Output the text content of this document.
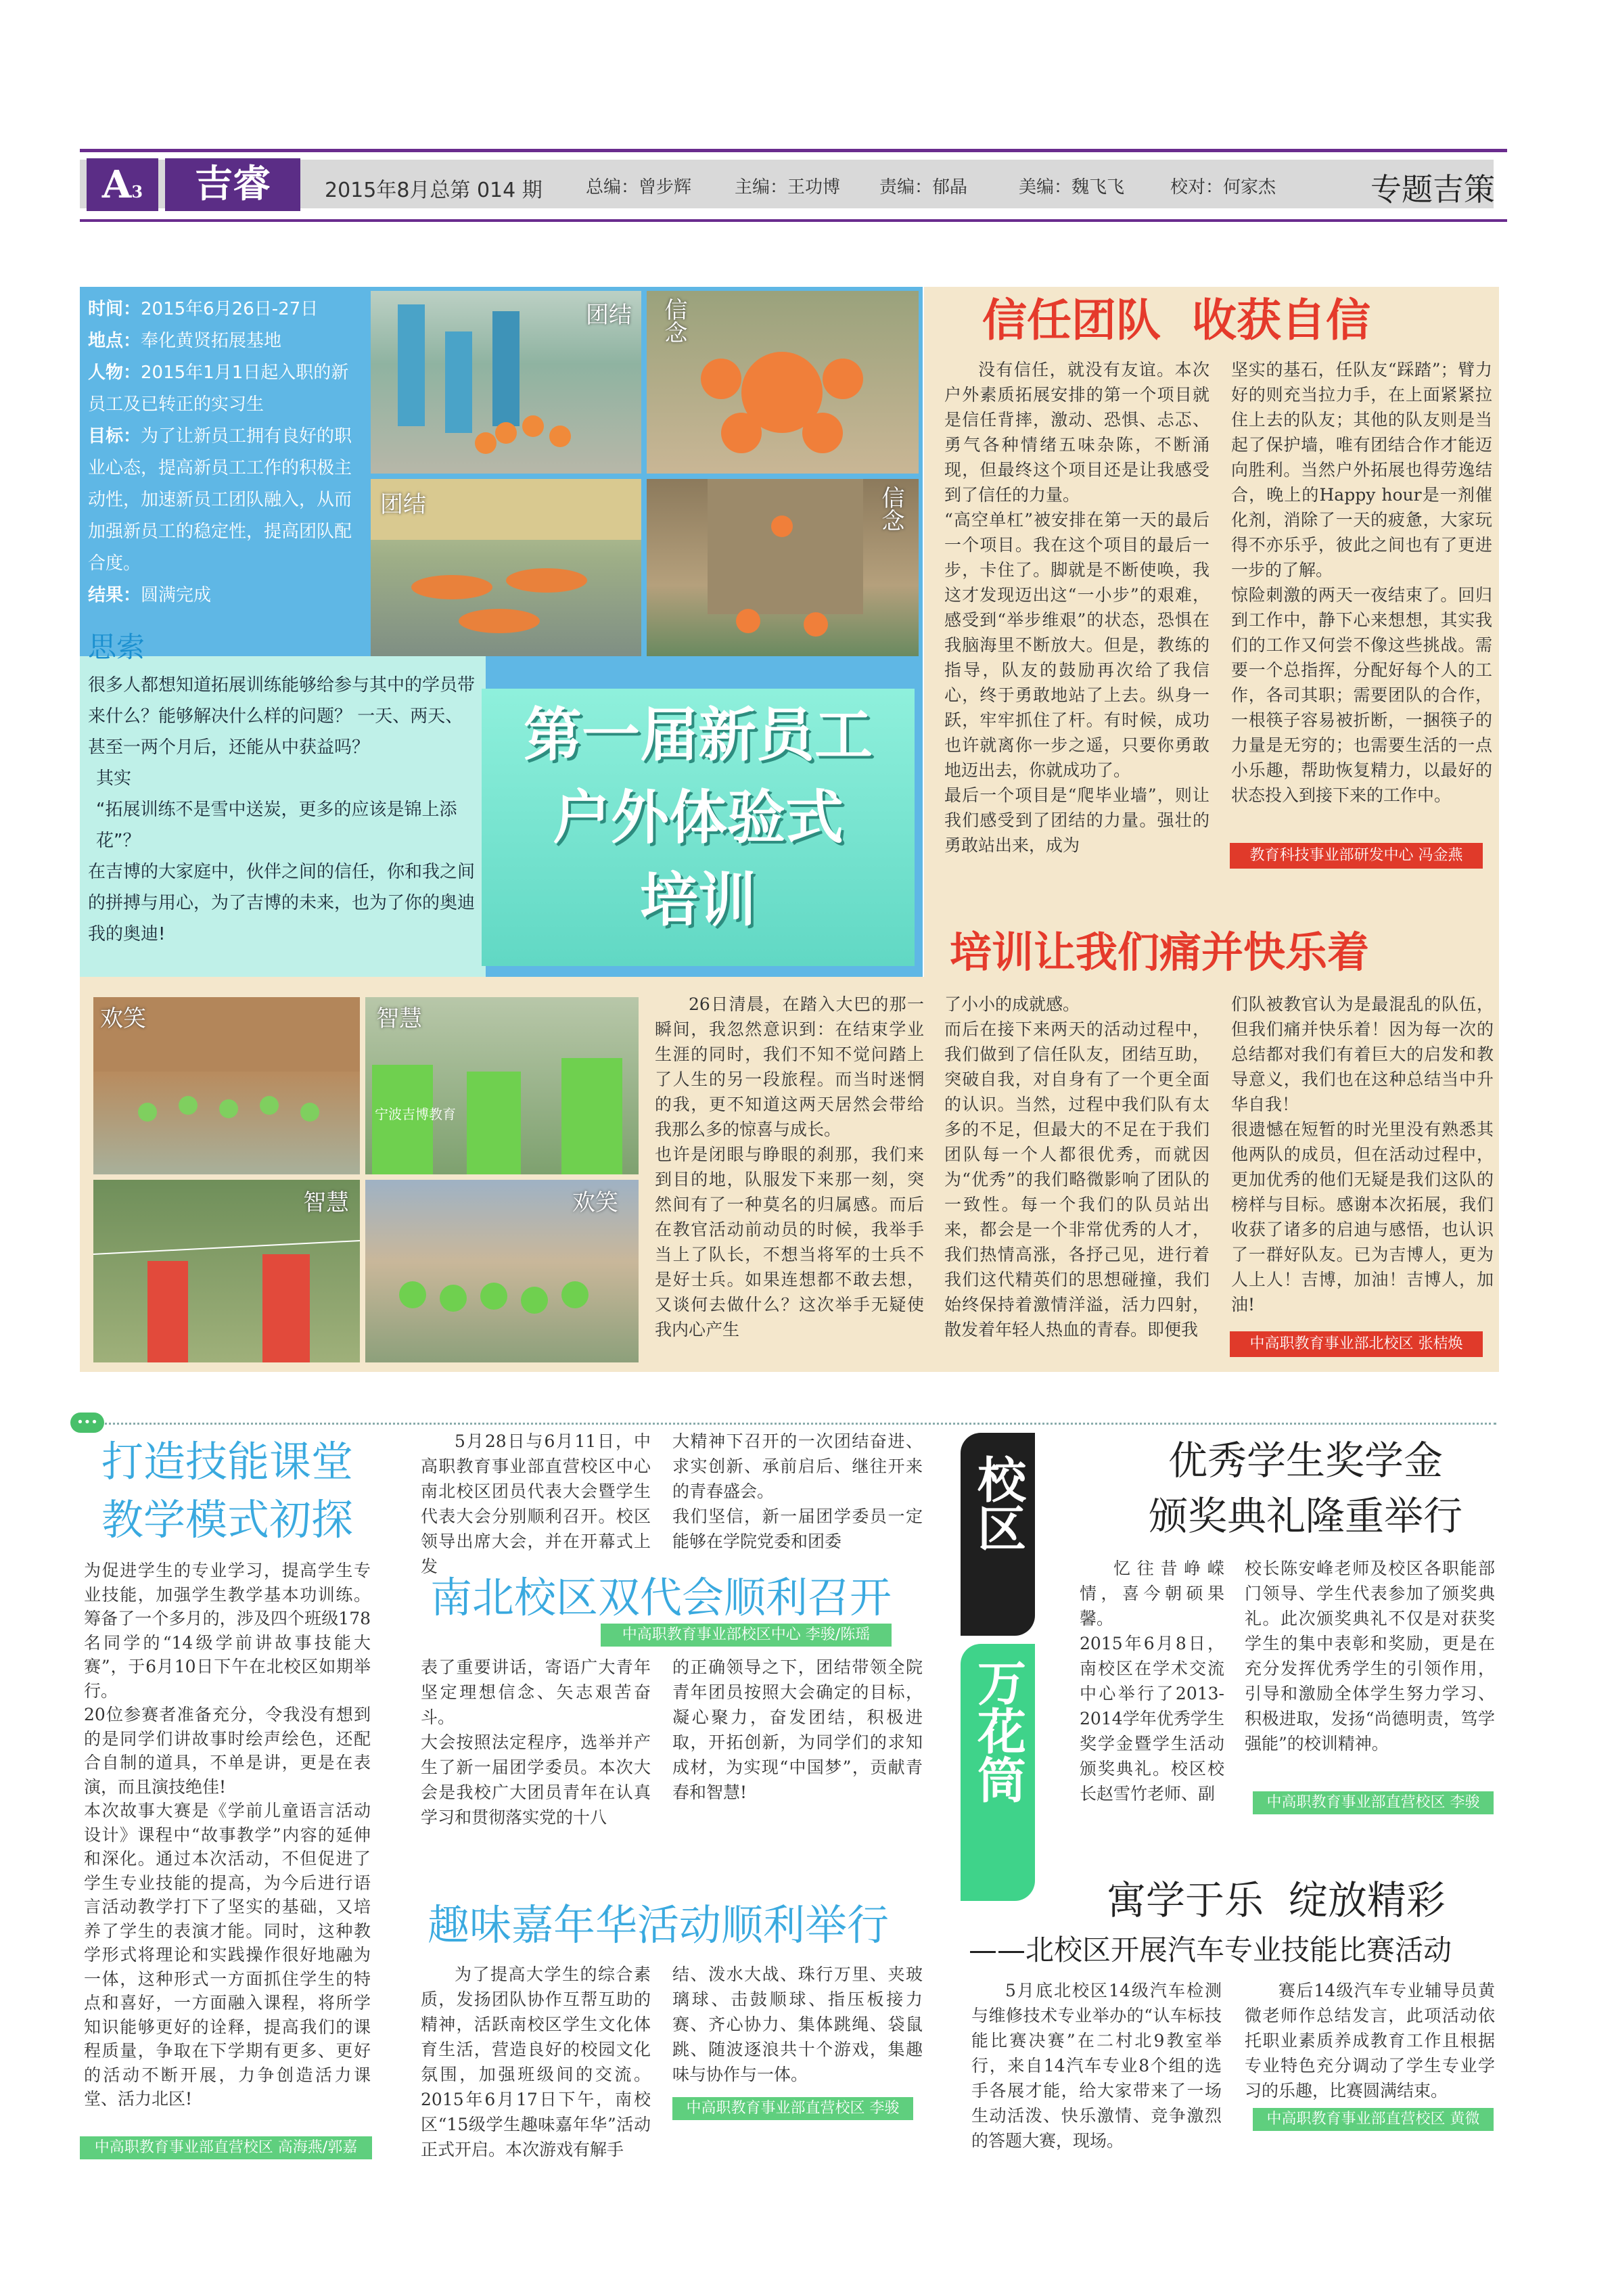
A3	吉睿	2015年8月总第 014 期 总编：曾步辉 主编：王功博 责编：郁晶	美编：魏飞飞	校对：何家杰	专题吉策

时间：2015年6月26日-27日

地点：奉化黄贤拓展基地

人物：2015年1月1日起入职的新员工及已转正的实习生

目标：为了让新员工拥有良好的职业心态，提高新员工工作的积极主动性，加速新员工团队融入，从而加强新员工的稳定性，提高团队配合度。

结果：圆满完成

思索

很多人都想知道拓展训练能够给参与其中的学员带来什么？能够解决什么样的问题？ 一天、两天、甚至一两个月后，还能从中获益吗？

其实

“拓展训练不是雪中送炭，更多的应该是锦上添花”？

在吉博的大家庭中，伙伴之间的信任，你和我之间的拼搏与用心，为了吉博的未来，也为了你的奥迪我的奥迪!

团结 信念
团结	信念

第一届新员工

户外体验式

培训

信任团队  收获自信
没有信任，就没有友谊。本次户外素质拓展安排的第一个项目就是信任背摔，激动、恐惧、忐忑、勇气各种情绪五味杂陈，不断涌现，但最终这个项目还是让我感受到了信任的力量。
“高空单杠”被安排在第一天的最后一个项目。我在这个项目的最后一步，卡住了。脚就是不断使唤，我这才发现迈出这“一小步”的艰难，感受到“举步维艰”的状态，恐惧在我脑海里不断放大。但是，教练的指导，队友的鼓励再次给了我信心，终于勇敢地站了上去。纵身一跃，牢牢抓住了杆。有时候，成功也许就离你一步之遥，只要你勇敢地迈出去，你就成功了。
最后一个项目是“爬毕业墙”，则让我们感受到了团结的力量。强壮的勇敢站出来，成为
坚实的基石，任队友“踩踏”；臂力好的则充当拉力手，在上面紧紧拉住上去的队友；其他的队友则是当起了保护墙，唯有团结合作才能迈向胜利。当然户外拓展也得劳逸结合，晚上的Happy hour是一剂催化剂，消除了一天的疲惫，大家玩得不亦乐乎，彼此之间也有了更进一步的了解。
惊险刺激的两天一夜结束了。回归到工作中，静下心来想想，其实我们的工作又何尝不像这些挑战。需要一个总指挥，分配好每个人的工作，各司其职；需要团队的合作，一根筷子容易被折断，一捆筷子的力量是无穷的；也需要生活的一点小乐趣，帮助恢复精力，以最好的状态投入到接下来的工作中。
教育科技事业部研发中心 冯金燕
培训让我们痛并快乐着
欢笑
宁波吉博教育
智慧
智慧	欢笑
26日清晨，在踏入大巴的那一瞬间，我忽然意识到：在结束学业生涯的同时，我们不知不觉问踏上了人生的另一段旅程。而当时迷惘的我，更不知道这两天居然会带给我那么多的惊喜与成长。
也许是闭眼与睁眼的刹那，我们来到目的地，队服发下来那一刻，突然间有了一种莫名的归属感。而后在教官活动前动员的时候，我举手当上了队长，不想当将军的士兵不是好士兵。如果连想都不敢去想，又谈何去做什么？这次举手无疑使我内心产生
了小小的成就感。
而后在接下来两天的活动过程中，我们做到了信任队友，团结互助，突破自我，对自身有了一个更全面的认识。当然，过程中我们队有太多的不足，但最大的不足在于我们团队每一个人都很优秀，而就因为“优秀”的我们略微影响了团队的一致性。每一个我们的队员站出来，都会是一个非常优秀的人才，我们热情高涨，各抒己见，进行着我们这代精英们的思想碰撞，我们始终保持着激情洋溢，活力四射，散发着年轻人热血的青春。即便我
们队被教官认为是最混乱的队伍，但我们痛并快乐着！因为每一次的总结都对我们有着巨大的启发和教导意义，我们也在这种总结当中升华自我！
很遗憾在短暂的时光里没有熟悉其他两队的成员，但在活动过程中，更加优秀的他们无疑是我们这队的榜样与目标。感谢本次拓展，我们收获了诸多的启迪与感悟，也认识了一群好队友。已为吉博人，更为人上人！吉博，加油！吉博人，加油!
中高职教育事业部北校区 张桔焕
•••

打造技能课堂

教学模式初探

为促进学生的专业学习，提高学生专业技能，加强学生教学基本功训练。筹备了一个多月的，涉及四个班级178名同学的“14级学前讲故事技能大赛”，于6月10日下午在北校区如期举行。
20位参赛者准备充分，令我没有想到的是同学们讲故事时绘声绘色，还配合自制的道具，不单是讲，更是在表演，而且演技绝佳!
本次故事大赛是《学前儿童语言活动设计》课程中“故事教学”内容的延伸和深化。通过本次活动，不但促进了学生专业技能的提高，为今后进行语言活动教学打下了坚实的基础，又培养了学生的表演才能。同时，这种教学形式将理论和实践操作很好地融为一体，这种形式一方面抓住学生的特点和喜好，一方面融入课程，将所学知识能够更好的诠释，提高我们的课程质量，争取在下学期有更多、更好的活动不断开展，力争创造活力课堂、活力北区!
中高职教育事业部直营校区 高海燕/郭嘉
5月28日与6月11日，中高职教育事业部直营校区中心南北校区团员代表大会暨学生代表大会分别顺利召开。校区领导出席大会，并在开幕式上发
大精神下召开的一次团结奋进、求实创新、承前启后、继往开来的青春盛会。
我们坚信，新一届团学委员一定能够在学院党委和团委
南北校区双代会顺利召开
中高职教育事业部校区中心 李骏/陈瑶
表了重要讲话，寄语广大青年坚定理想信念、矢志艰苦奋斗。
大会按照法定程序，选举并产生了新一届团学委员。本次大会是我校广大团员青年在认真学习和贯彻落实党的十八
的正确领导之下，团结带领全院青年团员按照大会确定的目标，凝心聚力，奋发团结，积极进取，开拓创新，为同学们的求知成材，为实现“中国梦”，贡献青春和智慧!
趣味嘉年华活动顺利举行
为了提高大学生的综合素质，发扬团队协作互帮互助的精神，活跃南校区学生文化体育生活，营造良好的校园文化氛围，加强班级间的交流。2015年6月17日下午，南校区“15级学生趣味嘉年华”活动正式开启。本次游戏有解手
结、泼水大战、珠行万里、夹玻璃球、击鼓顺球、指压板接力赛、齐心协力、集体跳绳、袋鼠跳、随波逐浪共十个游戏，集趣味与协作与一体。
中高职教育事业部直营校区 李骏
校区
万花筒

优秀学生奖学金

颁奖典礼隆重举行

忆往昔峥嵘情，喜今朝硕果馨。
2015年6月8日，南校区在学术交流中心举行了2013-2014学年优秀学生奖学金暨学生活动颁奖典礼。校区校长赵雪竹老师、副
校长陈安峰老师及校区各职能部门领导、学生代表参加了颁奖典礼。此次颁奖典礼不仅是对获奖学生的集中表彰和奖励，更是在充分发挥优秀学生的引领作用，引导和激励全体学生努力学习、积极进取，发扬“尚德明责，笃学强能”的校训精神。
中高职教育事业部直营校区 李骏
寓学于乐  绽放精彩
——北校区开展汽车专业技能比赛活动
5月底北校区14级汽车检测与维修技术专业举办的“认车标技能比赛决赛”在二村北9教室举行，来自14汽车专业8个组的选手各展才能，给大家带来了一场生动活泼、快乐激情、竞争激烈的答题大赛，现场。
赛后14级汽车专业辅导员黄微老师作总结发言，此项活动依托职业素质养成教育工作且根据专业特色充分调动了学生专业学习的乐趣，比赛圆满结束。
中高职教育事业部直营校区 黄微
